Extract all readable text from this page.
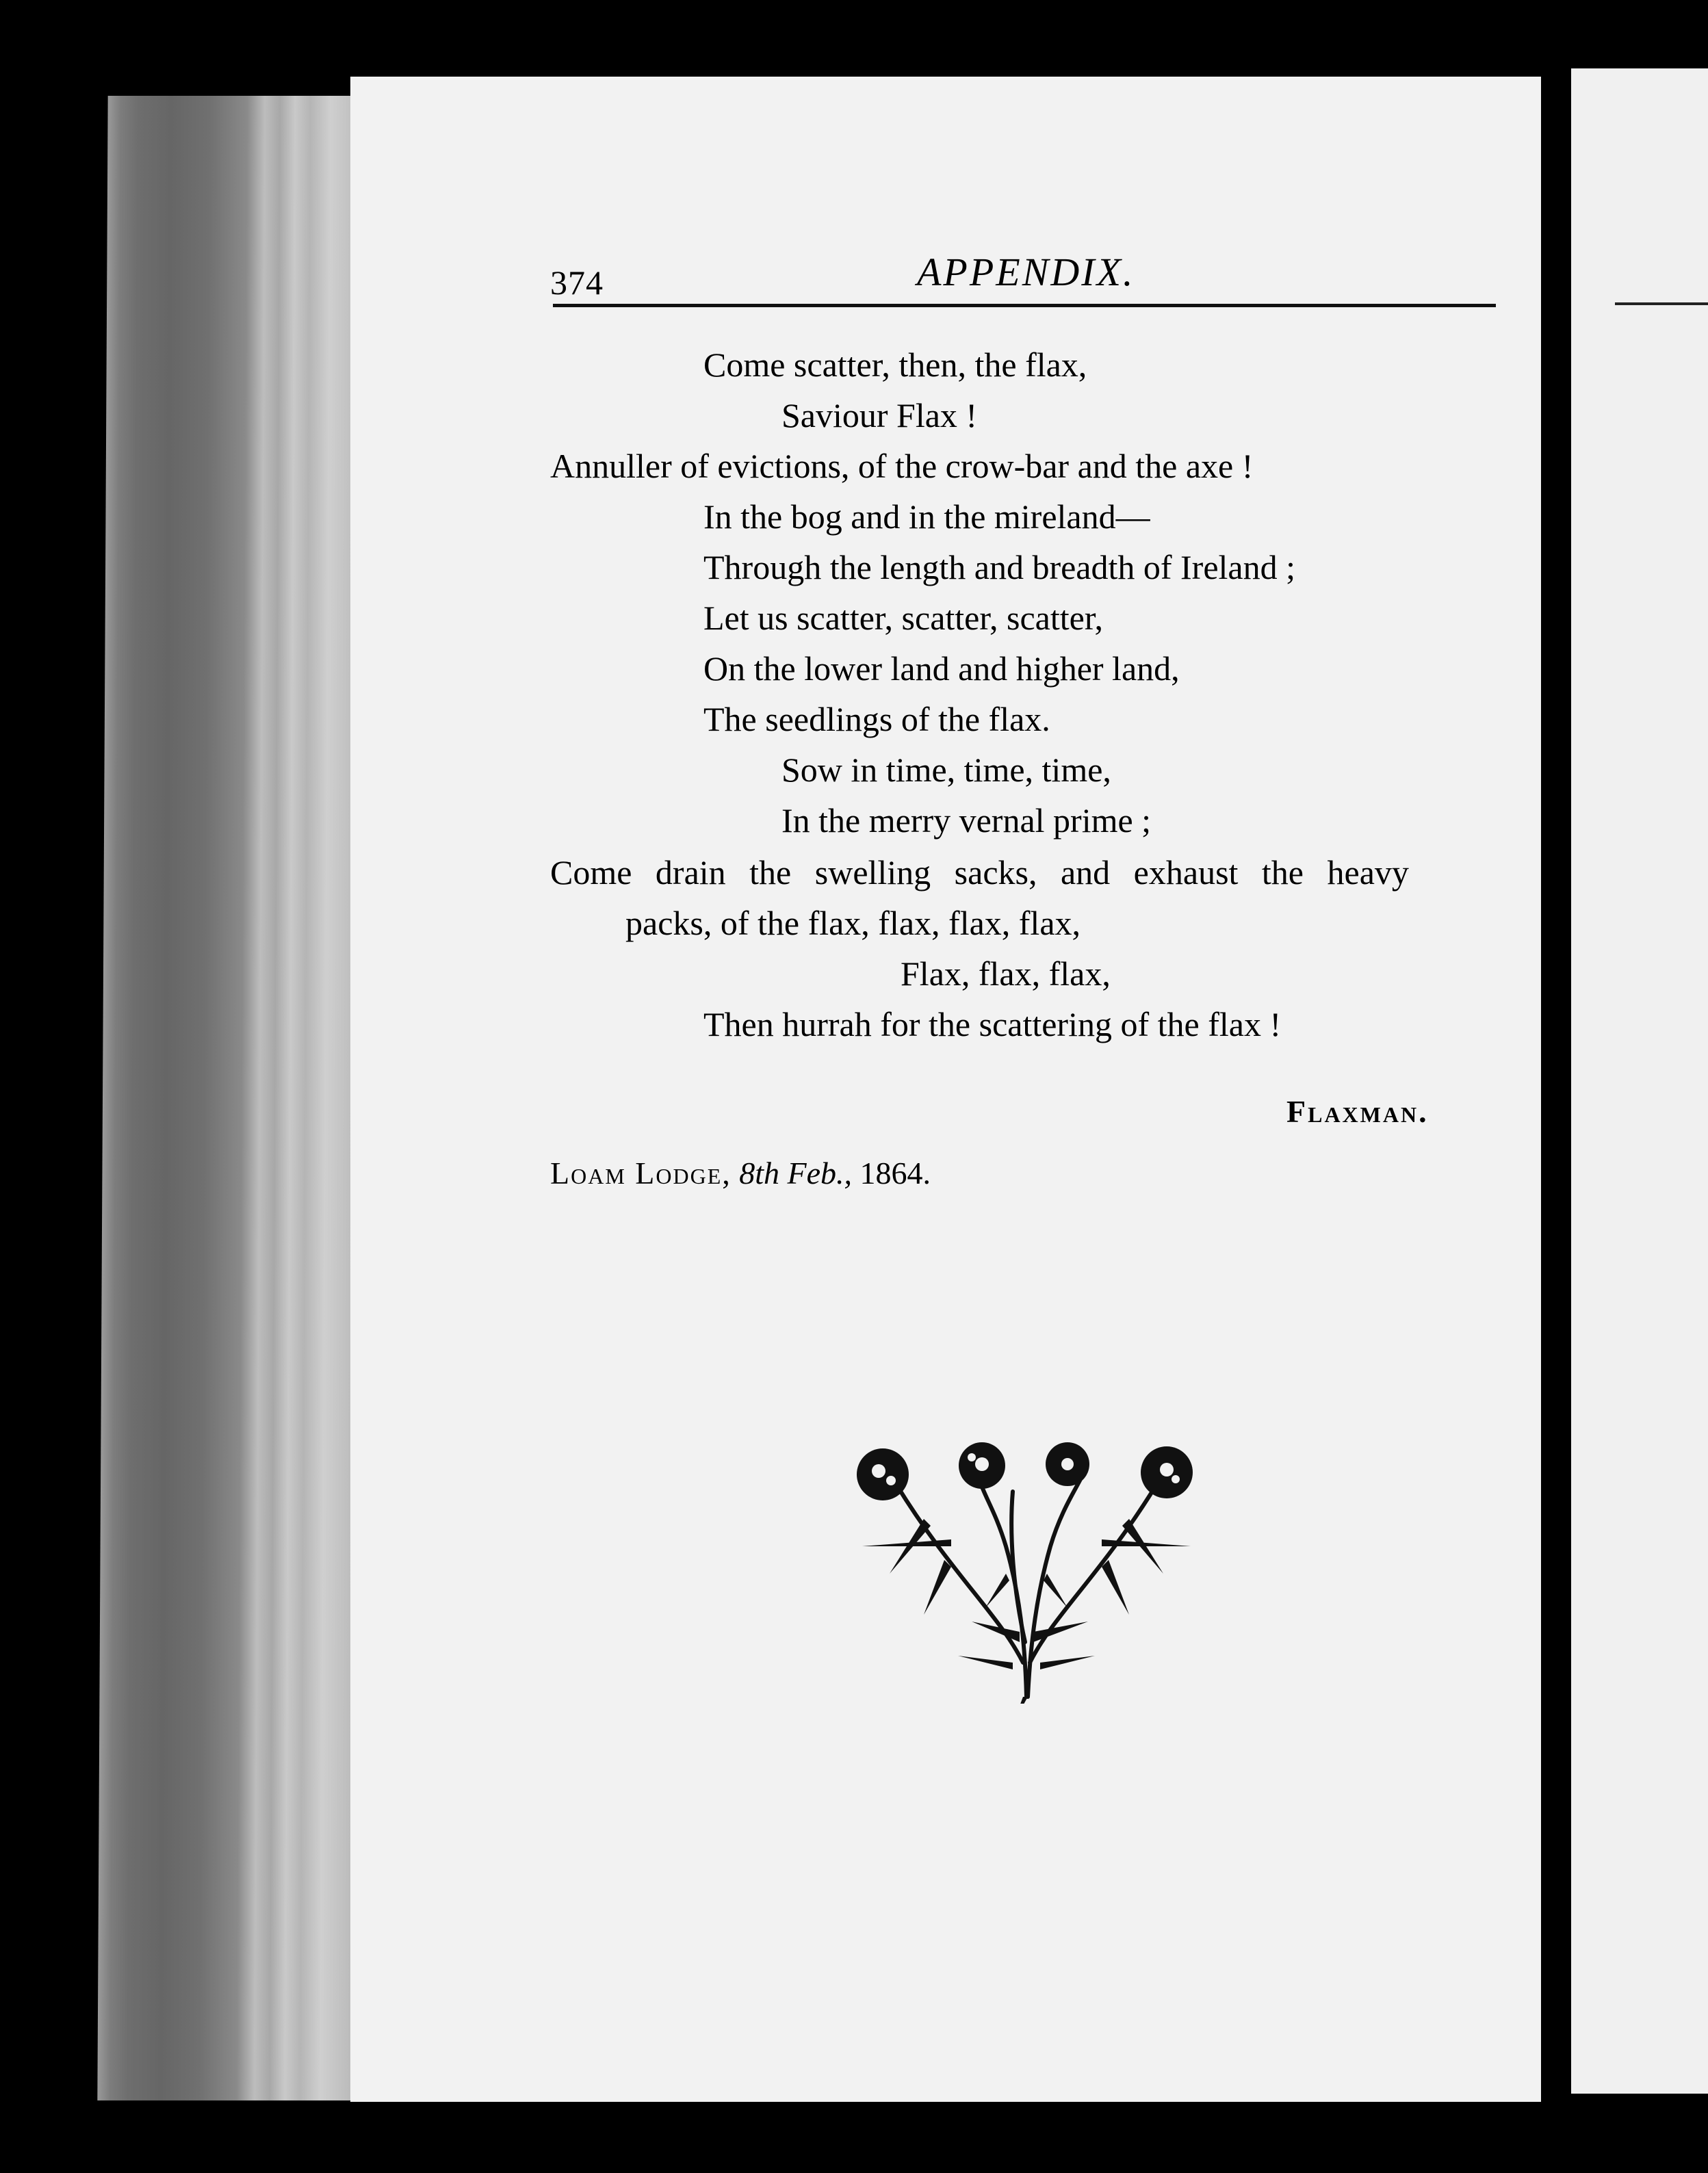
374	APPENDIX.
Come scatter, then, the flax,
Saviour Flax !
Annuller of evictions, of the crow-bar and the axe !
In the bog and in the mireland—
Through the length and breadth of Ireland ;
Let us scatter, scatter, scatter,
On the lower land and higher land,
The seedlings of the flax.
Sow in time, time, time,
In the merry vernal prime ;
Come drain the swelling sacks, and exhaust the heavy
packs, of the flax, flax, flax, flax,
Flax, flax, flax,
Then hurrah for the scattering of the flax !
Flaxman.
Loam Lodge, 8th Feb., 1864.
